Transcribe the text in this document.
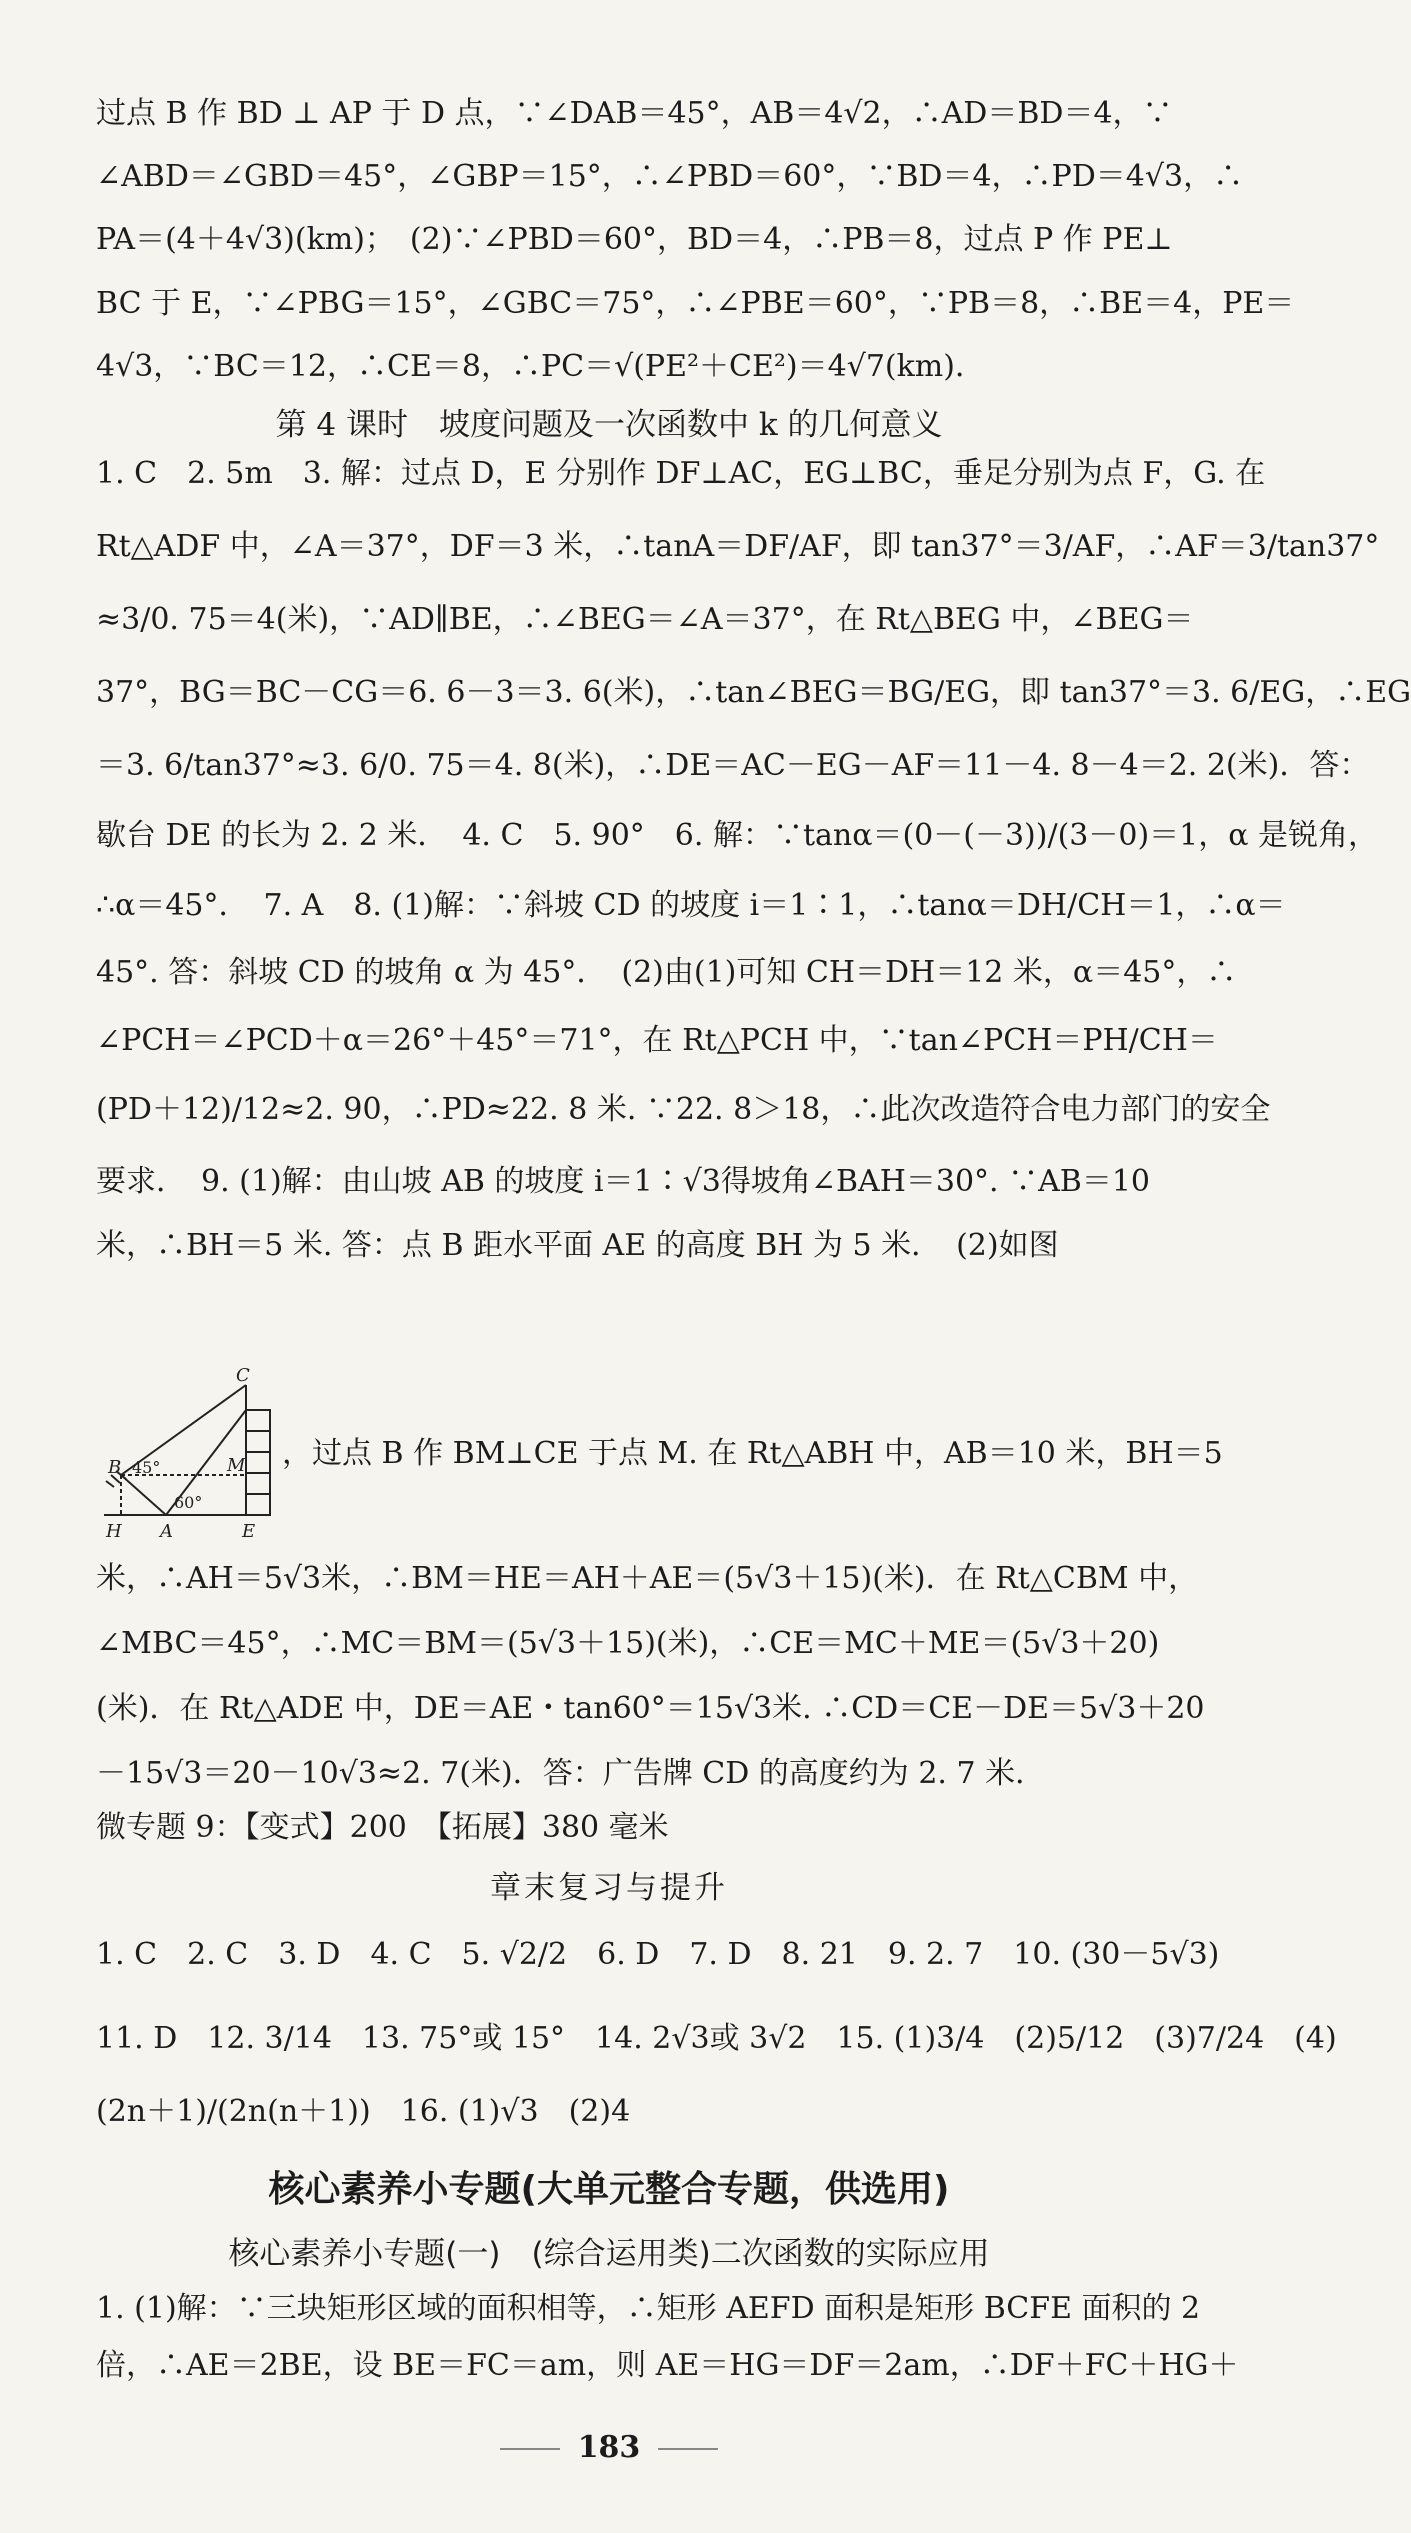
过点 B 作 BD ⊥ AP 于 D 点，∵∠DAB＝45°，AB＝4√2，∴AD＝BD＝4，∵
∠ABD＝∠GBD＝45°，∠GBP＝15°，∴∠PBD＝60°，∵BD＝4，∴PD＝4√3，∴
PA＝(4＋4√3)(km)；　(2)∵∠PBD＝60°，BD＝4，∴PB＝8，过点 P 作 PE⊥
BC 于 E，∵∠PBG＝15°，∠GBC＝75°，∴∠PBE＝60°，∵PB＝8，∴BE＝4，PE＝
4√3，∵BC＝12，∴CE＝8，∴PC＝√(PE²＋CE²)＝4√7(km)．
第 4 课时　坡度问题及一次函数中 k 的几何意义
1. C　2. 5m　3. 解：过点 D，E 分别作 DF⊥AC，EG⊥BC，垂足分别为点 F，G. 在
Rt△ADF 中，∠A＝37°，DF＝3 米，∴tanA＝DF/AF，即 tan37°＝3/AF，∴AF＝3/tan37°
≈3/0. 75＝4(米)，∵AD∥BE，∴∠BEG＝∠A＝37°，在 Rt△BEG 中，∠BEG＝
37°，BG＝BC－CG＝6. 6－3＝3. 6(米)，∴tan∠BEG＝BG/EG，即 tan37°＝3. 6/EG，∴EG
＝3. 6/tan37°≈3. 6/0. 75＝4. 8(米)，∴DE＝AC－EG－AF＝11－4. 8－4＝2. 2(米)．答：
歇台 DE 的长为 2. 2 米．　4. C　5. 90°　6. 解：∵tanα＝(0－(－3))/(3－0)＝1，α 是锐角，
∴α＝45°．　7. A　8. (1)解：∵斜坡 CD 的坡度 i＝1∶1，∴tanα＝DH/CH＝1，∴α＝
45°. 答：斜坡 CD 的坡角 α 为 45°．　(2)由(1)可知 CH＝DH＝12 米，α＝45°，∴
∠PCH＝∠PCD＋α＝26°＋45°＝71°，在 Rt△PCH 中，∵tan∠PCH＝PH/CH＝
(PD＋12)/12≈2. 90，∴PD≈22. 8 米. ∵22. 8＞18，∴此次改造符合电力部门的安全
要求．　9. (1)解：由山坡 AB 的坡度 i＝1∶√3得坡角∠BAH＝30°. ∵AB＝10
米，∴BH＝5 米. 答：点 B 距水平面 AE 的高度 BH 为 5 米．　(2)如图
C
B	M
H A	E
45°
60°
，过点 B 作 BM⊥CE 于点 M. 在 Rt△ABH 中，AB＝10 米，BH＝5
米，∴AH＝5√3米，∴BM＝HE＝AH＋AE＝(5√3＋15)(米)．在 Rt△CBM 中，
∠MBC＝45°，∴MC＝BM＝(5√3＋15)(米)，∴CE＝MC＋ME＝(5√3＋20)
(米)．在 Rt△ADE 中，DE＝AE・tan60°＝15√3米. ∴CD＝CE－DE＝5√3＋20
－15√3＝20－10√3≈2. 7(米)．答：广告牌 CD 的高度约为 2. 7 米．
微专题 9：【变式】200　【拓展】380 毫米
章末复习与提升
1. C　2. C　3. D　4. C　5. √2/2　6. D　7. D　8. 21　9. 2. 7　10. (30－5√3)
11. D　12. 3/14　13. 75°或 15°　14. 2√3或 3√2　15. (1)3/4　(2)5/12　(3)7/24　(4)
(2n＋1)/(2n(n＋1))　16. (1)√3　(2)4
核心素养小专题(大单元整合专题，供选用)
核心素养小专题(一)　(综合运用类)二次函数的实际应用
1. (1)解：∵三块矩形区域的面积相等，∴矩形 AEFD 面积是矩形 BCFE 面积的 2
倍，∴AE＝2BE，设 BE＝FC＝am，则 AE＝HG＝DF＝2am，∴DF＋FC＋HG＋
183
